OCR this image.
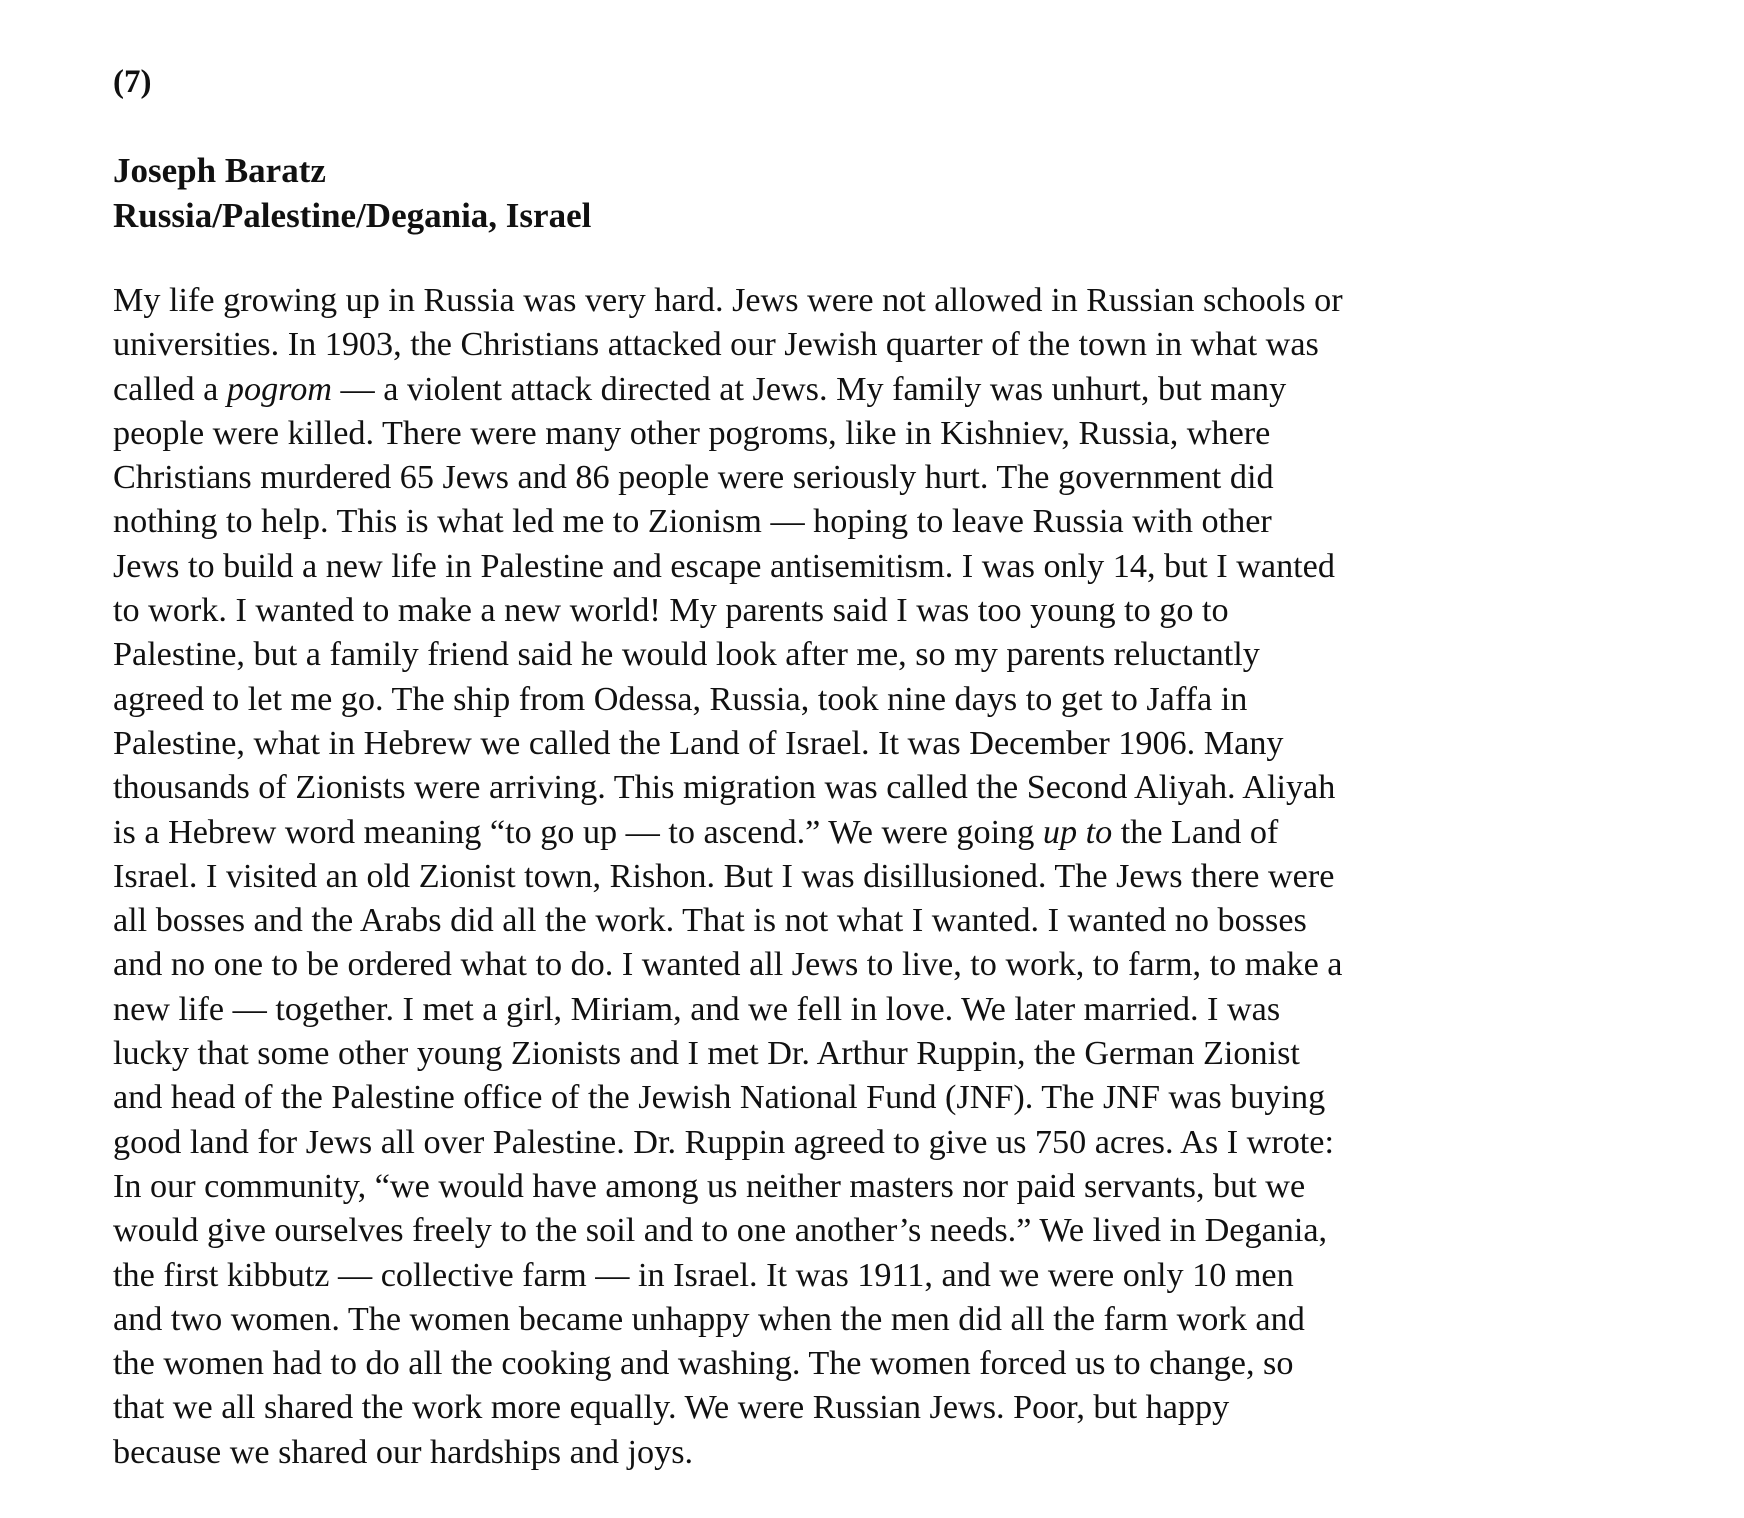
(7)
Joseph Baratz
Russia/Palestine/Degania, Israel
My life growing up in Russia was very hard. Jews were not allowed in Russian schools or
universities. In 1903, the Christians attacked our Jewish quarter of the town in what was
called a pogrom — a violent attack directed at Jews. My family was unhurt, but many
people were killed. There were many other pogroms, like in Kishniev, Russia, where
Christians murdered 65 Jews and 86 people were seriously hurt. The government did
nothing to help. This is what led me to Zionism — hoping to leave Russia with other
Jews to build a new life in Palestine and escape antisemitism. I was only 14, but I wanted
to work. I wanted to make a new world! My parents said I was too young to go to
Palestine, but a family friend said he would look after me, so my parents reluctantly
agreed to let me go. The ship from Odessa, Russia, took nine days to get to Jaffa in
Palestine, what in Hebrew we called the Land of Israel. It was December 1906. Many
thousands of Zionists were arriving. This migration was called the Second Aliyah. Aliyah
is a Hebrew word meaning “to go up — to ascend.” We were going up to the Land of
Israel. I visited an old Zionist town, Rishon. But I was disillusioned. The Jews there were
all bosses and the Arabs did all the work. That is not what I wanted. I wanted no bosses
and no one to be ordered what to do. I wanted all Jews to live, to work, to farm, to make a
new life — together. I met a girl, Miriam, and we fell in love. We later married. I was
lucky that some other young Zionists and I met Dr. Arthur Ruppin, the German Zionist
and head of the Palestine office of the Jewish National Fund (JNF). The JNF was buying
good land for Jews all over Palestine. Dr. Ruppin agreed to give us 750 acres. As I wrote:
In our community, “we would have among us neither masters nor paid servants, but we
would give ourselves freely to the soil and to one another’s needs.” We lived in Degania,
the first kibbutz — collective farm — in Israel. It was 1911, and we were only 10 men
and two women. The women became unhappy when the men did all the farm work and
the women had to do all the cooking and washing. The women forced us to change, so
that we all shared the work more equally. We were Russian Jews. Poor, but happy
because we shared our hardships and joys.
